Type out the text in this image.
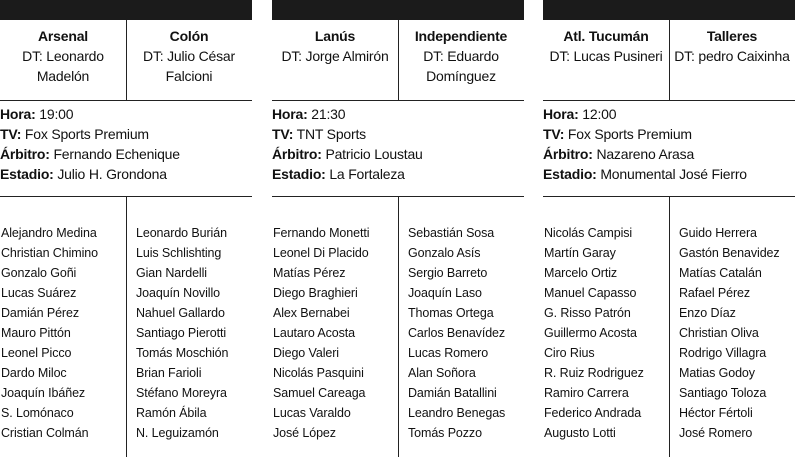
Arsenal
DT: Leonardo Madelón
Colón
DT: Julio César Falcioni
Hora: 19:00
TV: Fox Sports Premium
Árbitro: Fernando Echenique
Estadio: Julio H. Grondona
Alejandro Medina
Christian Chimino
Gonzalo Goñi
Lucas Suárez
Damián Pérez
Mauro Pittón
Leonel Picco
Dardo Miloc
Joaquín Ibáñez
S. Lomónaco
Cristian Colmán
Leonardo Burián
Luis Schlishting
Gian Nardelli
Joaquín Novillo
Nahuel Gallardo
Santiago Pierotti
Tomás Moschión
Brian Farioli
Stéfano Moreyra
Ramón Ábila
N. Leguizamón
Lanús
DT: Jorge Almirón
Independiente
DT: Eduardo Domínguez
Hora: 21:30
TV: TNT Sports
Árbitro: Patricio Loustau
Estadio: La Fortaleza
Fernando Monetti
Leonel Di Placido
Matías Pérez
Diego Braghieri
Alex Bernabei
Lautaro Acosta
Diego Valeri
Nicolás Pasquini
Samuel Careaga
Lucas Varaldo
José López
Sebastián Sosa
Gonzalo Asís
Sergio Barreto
Joaquín Laso
Thomas Ortega
Carlos Benavídez
Lucas Romero
Alan Soñora
Damián Batallini
Leandro Benegas
Tomás Pozzo
Atl. Tucumán
DT: Lucas Pusineri
Talleres
DT: pedro Caixinha
Hora: 12:00
TV: Fox Sports Premium
Árbitro: Nazareno Arasa
Estadio: Monumental José Fierro
Nicolás Campisi
Martín Garay
Marcelo Ortiz
Manuel Capasso
G. Risso Patrón
Guillermo Acosta
Ciro Rius
R. Ruiz Rodriguez
Ramiro Carrera
Federico Andrada
Augusto Lotti
Guido Herrera
Gastón Benavidez
Matías Catalán
Rafael Pérez
Enzo Díaz
Christian Oliva
Rodrigo Villagra
Matias Godoy
Santiago Toloza
Héctor Fértoli
José Romero
